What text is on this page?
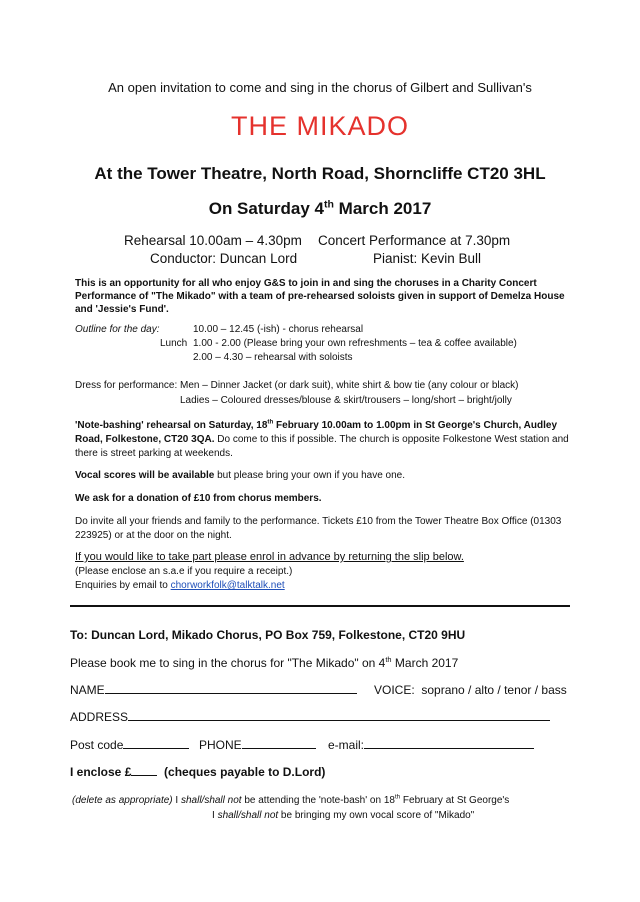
An open invitation to come and sing in the chorus of Gilbert and Sullivan's
THE MIKADO
At the Tower Theatre, North Road, Shorncliffe CT20 3HL
On Saturday 4th March 2017
Rehearsal 10.00am – 4.30pm Concert Performance at 7.30pm
Conductor: Duncan Lord	Pianist: Kevin Bull
This is an opportunity for all who enjoy G&S to join in and sing the choruses in a Charity Concert Performance of "The Mikado" with a team of pre-rehearsed soloists given in support of Demelza House and 'Jessie's Fund'.
Outline for the day:	10.00 – 12.45 (-ish) - chorus rehearsal
Lunch 1.00 - 2.00 (Please bring your own refreshments – tea & coffee available)
2.00 – 4.30 – rehearsal with soloists
Dress for performance: Men – Dinner Jacket (or dark suit), white shirt & bow tie (any colour or black)
Ladies – Coloured dresses/blouse & skirt/trousers – long/short – bright/jolly
'Note-bashing' rehearsal on Saturday, 18th February 10.00am to 1.00pm in St George's Church, Audley Road, Folkestone, CT20 3QA. Do come to this if possible. The church is opposite Folkestone West station and there is street parking at weekends.
Vocal scores will be available but please bring your own if you have one.
We ask for a donation of £10 from chorus members.
Do invite all your friends and family to the performance. Tickets £10 from the Tower Theatre Box Office (01303 223925) or at the door on the night.
If you would like to take part please enrol in advance by returning the slip below.
(Please enclose an s.a.e if you require a receipt.)
Enquiries by email to chorworkfolk@talktalk.net
To: Duncan Lord, Mikado Chorus, PO Box 759, Folkestone, CT20 9HU
Please book me to sing in the chorus for "The Mikado" on 4th March 2017
NAME	VOICE: soprano / alto / tenor / bass
ADDRESS
Post code	PHONE	e-mail:
I enclose £	(cheques payable to D.Lord)
(delete as appropriate) I shall/shall not be attending the 'note-bash' on 18th February at St George's
I shall/shall not be bringing my own vocal score of "Mikado"
